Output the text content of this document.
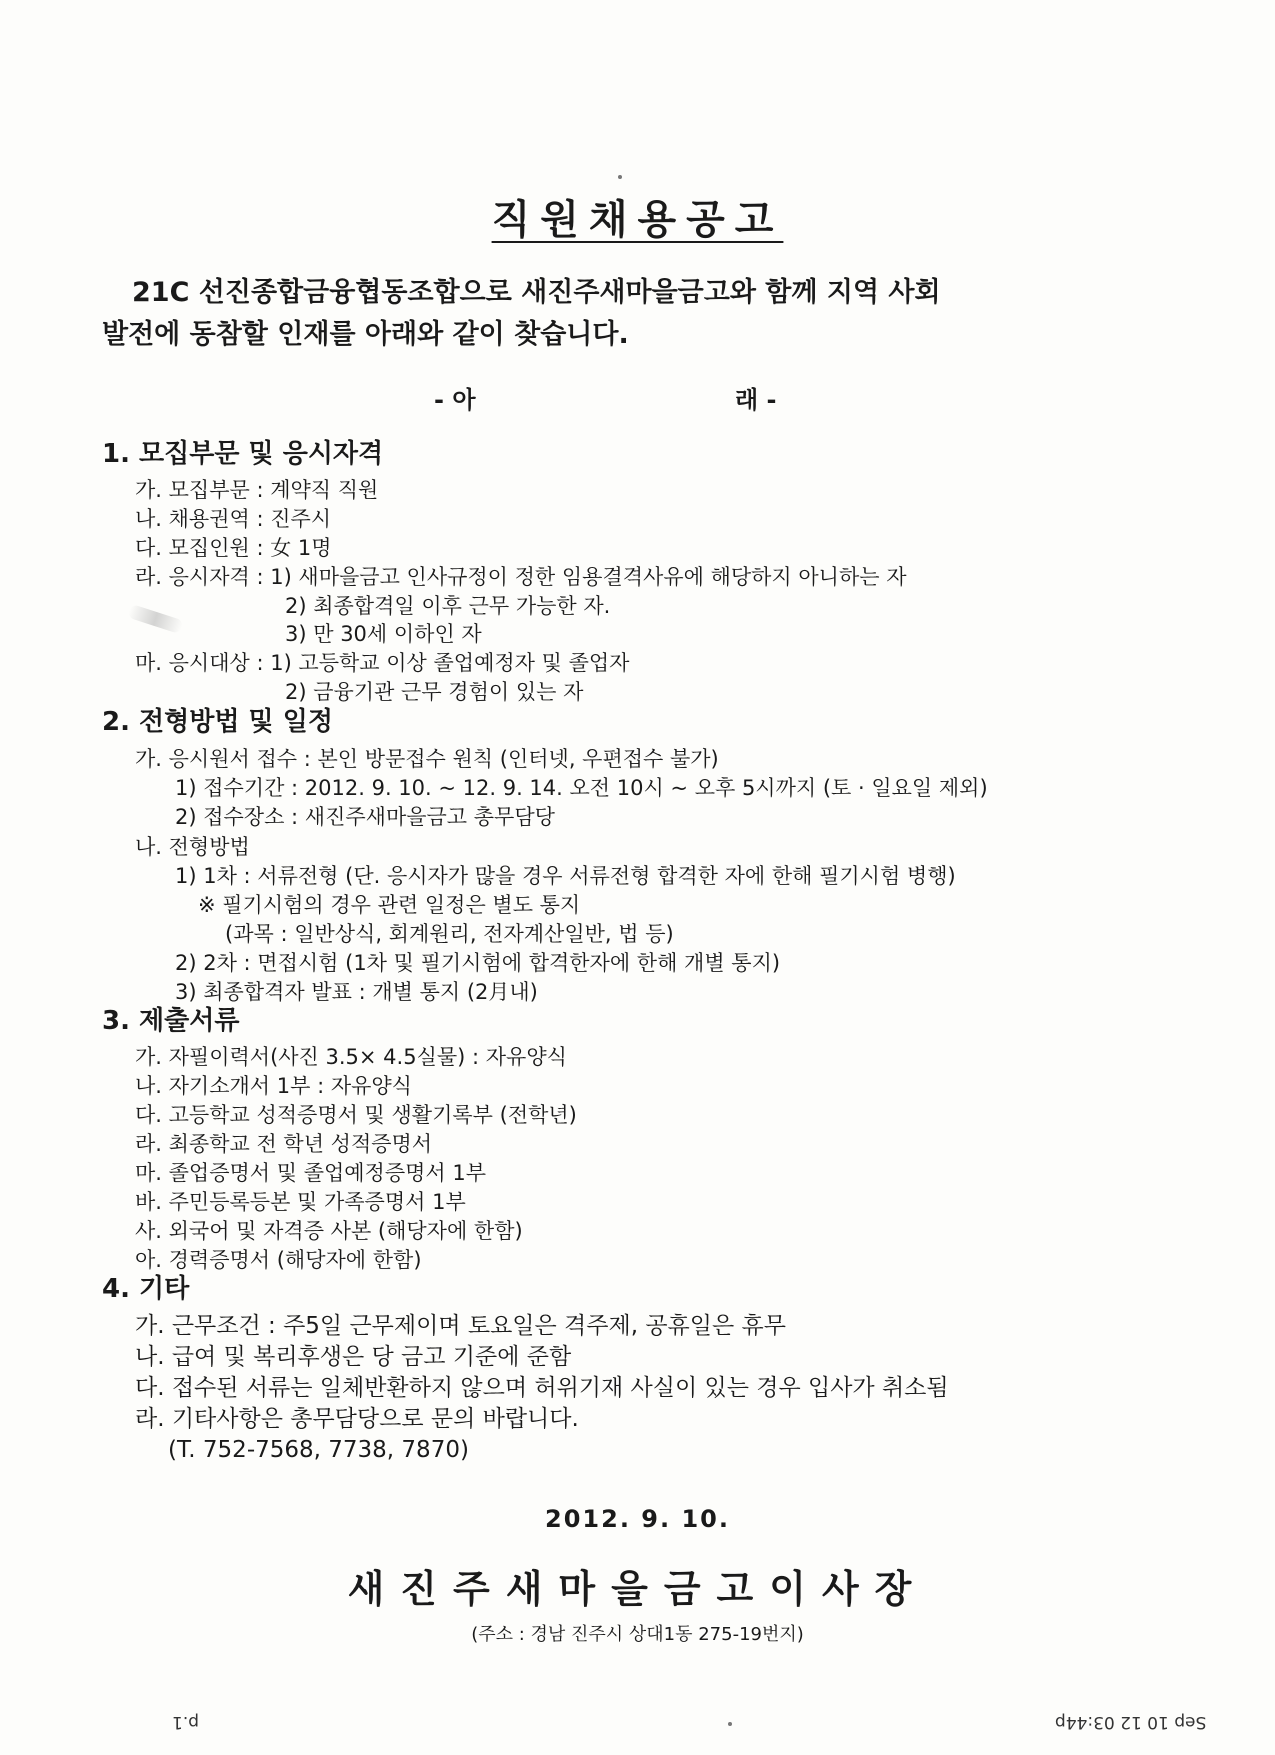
직원채용공고
21C 선진종합금융협동조합으로 새진주새마을금고와 함께 지역 사회
발전에 동참할 인재를 아래와 같이 찾습니다.
- 아	래 -
1. 모집부문 및 응시자격
가. 모집부문 : 계약직 직원
나. 채용권역 : 진주시
다. 모집인원 : 女 1명
라. 응시자격 : 1) 새마을금고 인사규정이 정한 임용결격사유에 해당하지 아니하는 자
2) 최종합격일 이후 근무 가능한 자.
3) 만 30세 이하인 자
마. 응시대상 : 1) 고등학교 이상 졸업예정자 및 졸업자
2) 금융기관 근무 경험이 있는 자
2. 전형방법 및 일정
가. 응시원서 접수 : 본인 방문접수 원칙 (인터넷, 우편접수 불가)
1) 접수기간 : 2012. 9. 10. ~ 12. 9. 14. 오전 10시 ~ 오후 5시까지 (토 · 일요일 제외)
2) 접수장소 : 새진주새마을금고 총무담당
나. 전형방법
1) 1차 : 서류전형 (단. 응시자가 많을 경우 서류전형 합격한 자에 한해 필기시험 병행)
※ 필기시험의 경우 관련 일정은 별도 통지
(과목 : 일반상식, 회계원리, 전자계산일반, 법 등)
2) 2차 : 면접시험 (1차 및 필기시험에 합격한자에 한해 개별 통지)
3) 최종합격자 발표 : 개별 통지 (2月내)
3. 제출서류
가. 자필이력서(사진 3.5× 4.5실물) : 자유양식
나. 자기소개서 1부 : 자유양식
다. 고등학교 성적증명서 및 생활기록부 (전학년)
라. 최종학교 전 학년 성적증명서
마. 졸업증명서 및 졸업예정증명서 1부
바. 주민등록등본 및 가족증명서 1부
사. 외국어 및 자격증 사본 (해당자에 한함)
아. 경력증명서 (해당자에 한함)
4. 기타
가. 근무조건 : 주5일 근무제이며 토요일은 격주제, 공휴일은 휴무
나. 급여 및 복리후생은 당 금고 기준에 준함
다. 접수된 서류는 일체반환하지 않으며 허위기재 사실이 있는 경우 입사가 취소됨
라. 기타사항은 총무담당으로 문의 바랍니다.
(T. 752-7568, 7738, 7870)
2012. 9. 10.
새진주새마을금고이사장
(주소 : 경남 진주시 상대1동 275-19번지)
p.1	Sep 10 12 03:44p
